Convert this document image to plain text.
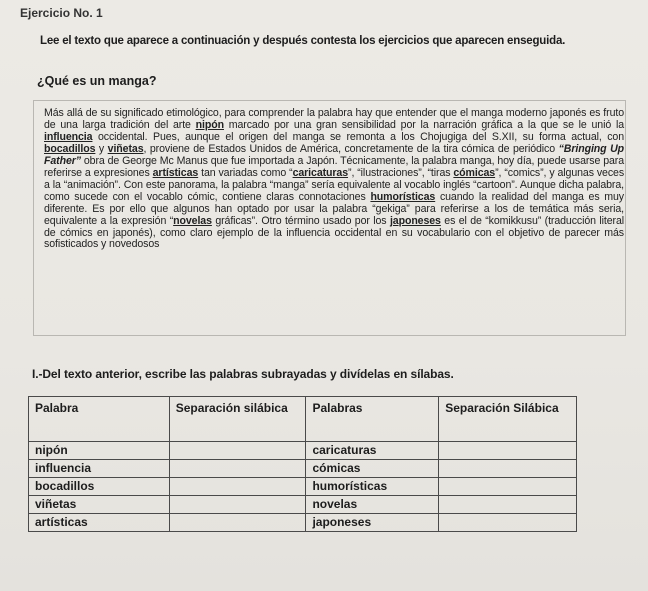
Ejercicio No. 1
Lee el texto que aparece a continuación y después contesta los ejercicios que aparecen enseguida.
¿Qué es un manga?
Más allá de su significado etimológico, para comprender la palabra hay que entender que el manga moderno japonés es fruto de una larga tradición del arte nipón marcado por una gran sensibilidad por la narración gráfica a la que se le unió la influencia occidental. Pues, aunque el origen del manga se remonta a los Chojugiga del S.XII, su forma actual, con bocadillos y viñetas, proviene de Estados Unidos de América, concretamente de la tira cómica de periódico “Bringing Up Father” obra de George Mc Manus que fue importada a Japón. Técnicamente, la palabra manga, hoy día, puede usarse para referirse a expresiones artísticas tan variadas como “caricaturas”, “ilustraciones”, “tiras cómicas”, “comics”, y algunas veces a la “animación”. Con este panorama, la palabra “manga” sería equivalente al vocablo inglés “cartoon”. Aunque dicha palabra, como sucede con el vocablo cómic, contiene claras connotaciones humorísticas cuando la realidad del manga es muy diferente. Es por ello que algunos han optado por usar la palabra “gekiga” para referirse a los de temática más seria, equivalente a la expresión “novelas gráficas”. Otro término usado por los japoneses es el de “komikkusu” (traducción literal de cómics en japonés), como claro ejemplo de la influencia occidental en su vocabulario con el objetivo de parecer más sofisticados y novedosos
I.-Del texto anterior, escribe las palabras subrayadas y divídelas en sílabas.
Palabra	Separación silábica	Palabras	Separación Silábica
nipón		caricaturas	
influencia		cómicas	
bocadillos		humorísticas	
viñetas		novelas	
artísticas		japoneses	
